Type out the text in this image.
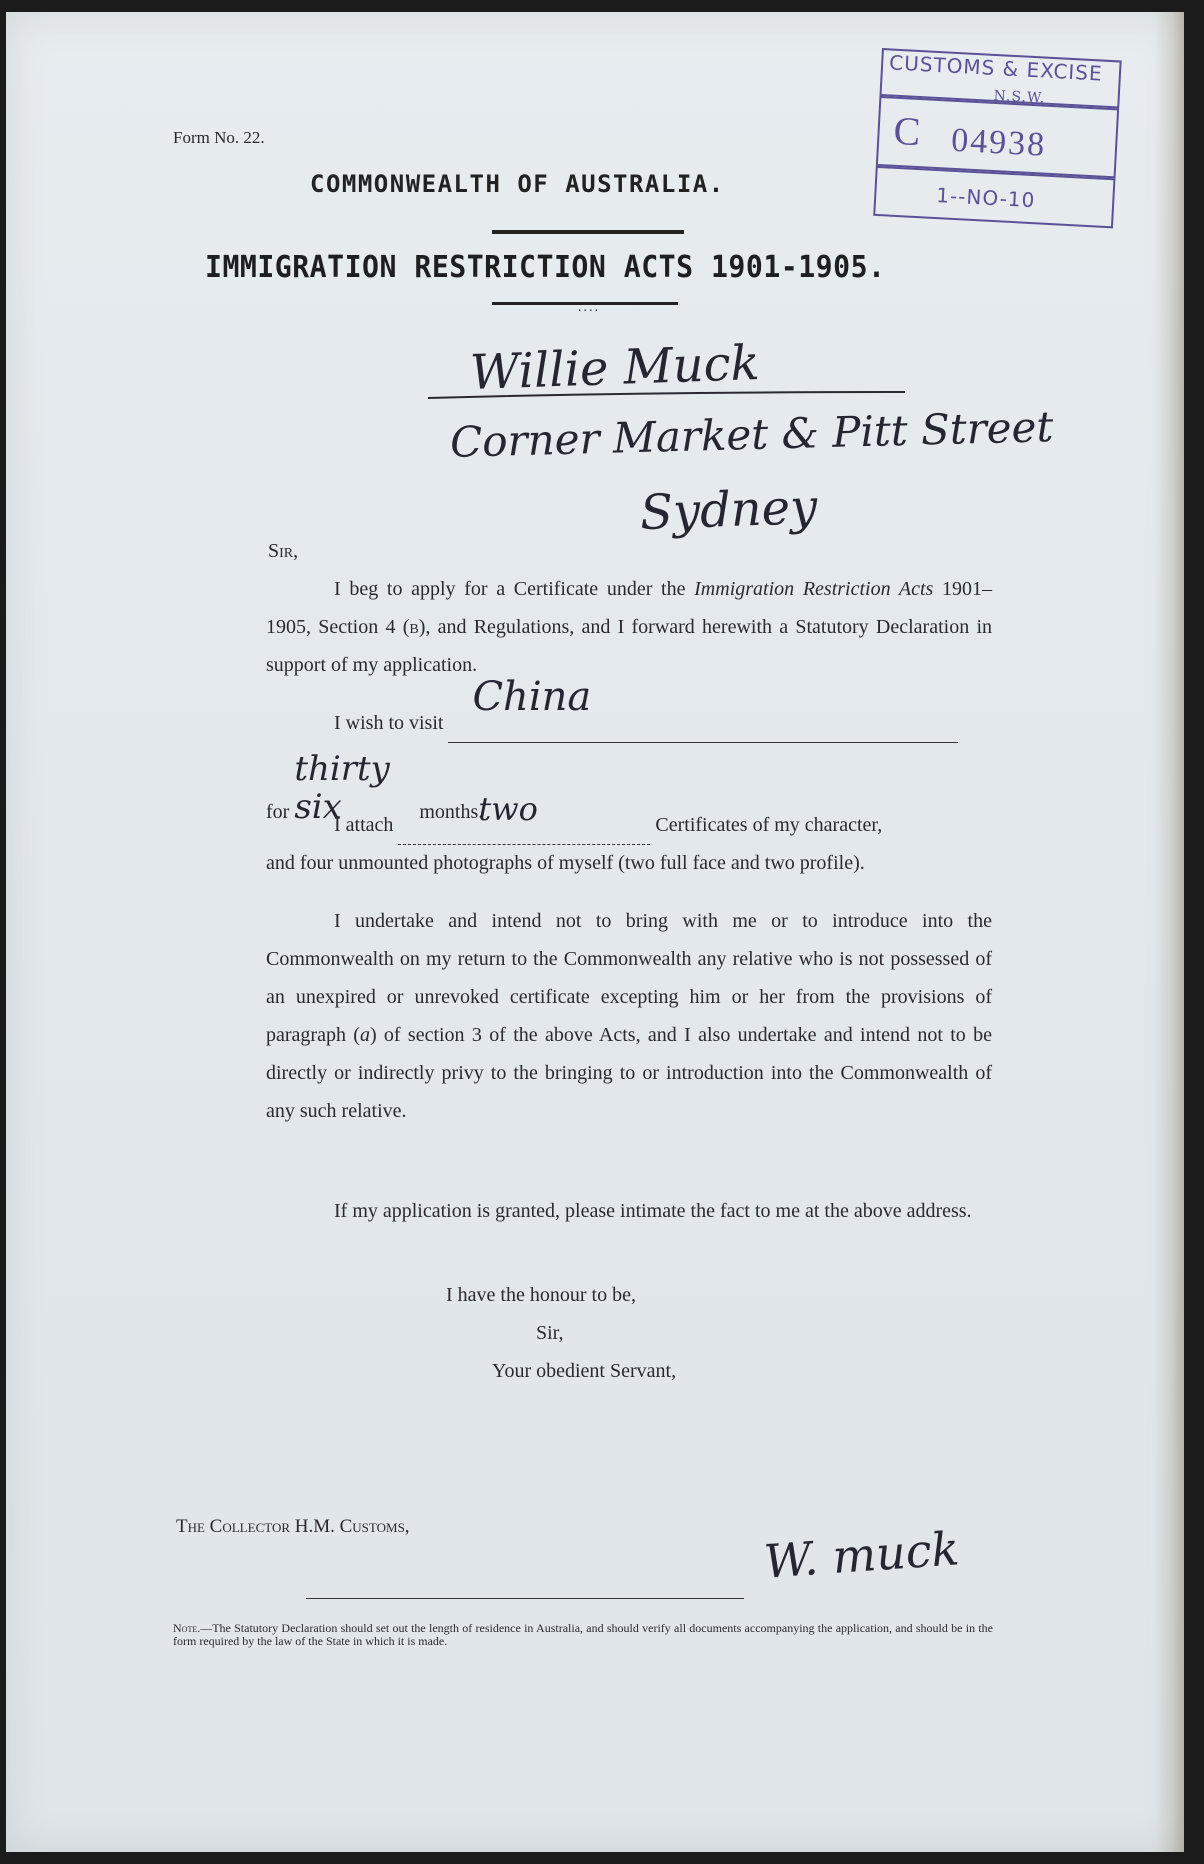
Form No. 22.
COMMONWEALTH OF AUSTRALIA.
IMMIGRATION RESTRICTION ACTS 1901-1905.
....
CUSTOMS & EXCISE
N.S.W.
C 04938
1--NO-10
Willie Muck
Corner Market & Pitt Street
Sydney
Sir,
I beg to apply for a Certificate under the Immigration Restriction Acts 1901–1905, Section 4 (b), and Regulations, and I forward herewith a Statutory Declaration in support of my application.
I wish to visit
China

for thirty six	months.
I attach	two	Certificates of my character,
and four unmounted photographs of myself (two full face and two profile).
I undertake and intend not to bring with me or to introduce into the Commonwealth on my return to the Commonwealth any relative who is not possessed of an unexpired or unrevoked certificate excepting him or her from the provisions of paragraph (a) of section 3 of the above Acts, and I also undertake and intend not to be directly or indirectly privy to the bringing to or introduction into the Commonwealth of any such relative.
If my application is granted, please intimate the fact to me at the above address.
I have the honour to be,
Sir,
Your obedient Servant,
The Collector H.M. Customs,	W. muck
Note.—The Statutory Declaration should set out the length of residence in Australia, and should verify all documents accompanying the application, and should be in the form required by the law of the State in which it is made.
